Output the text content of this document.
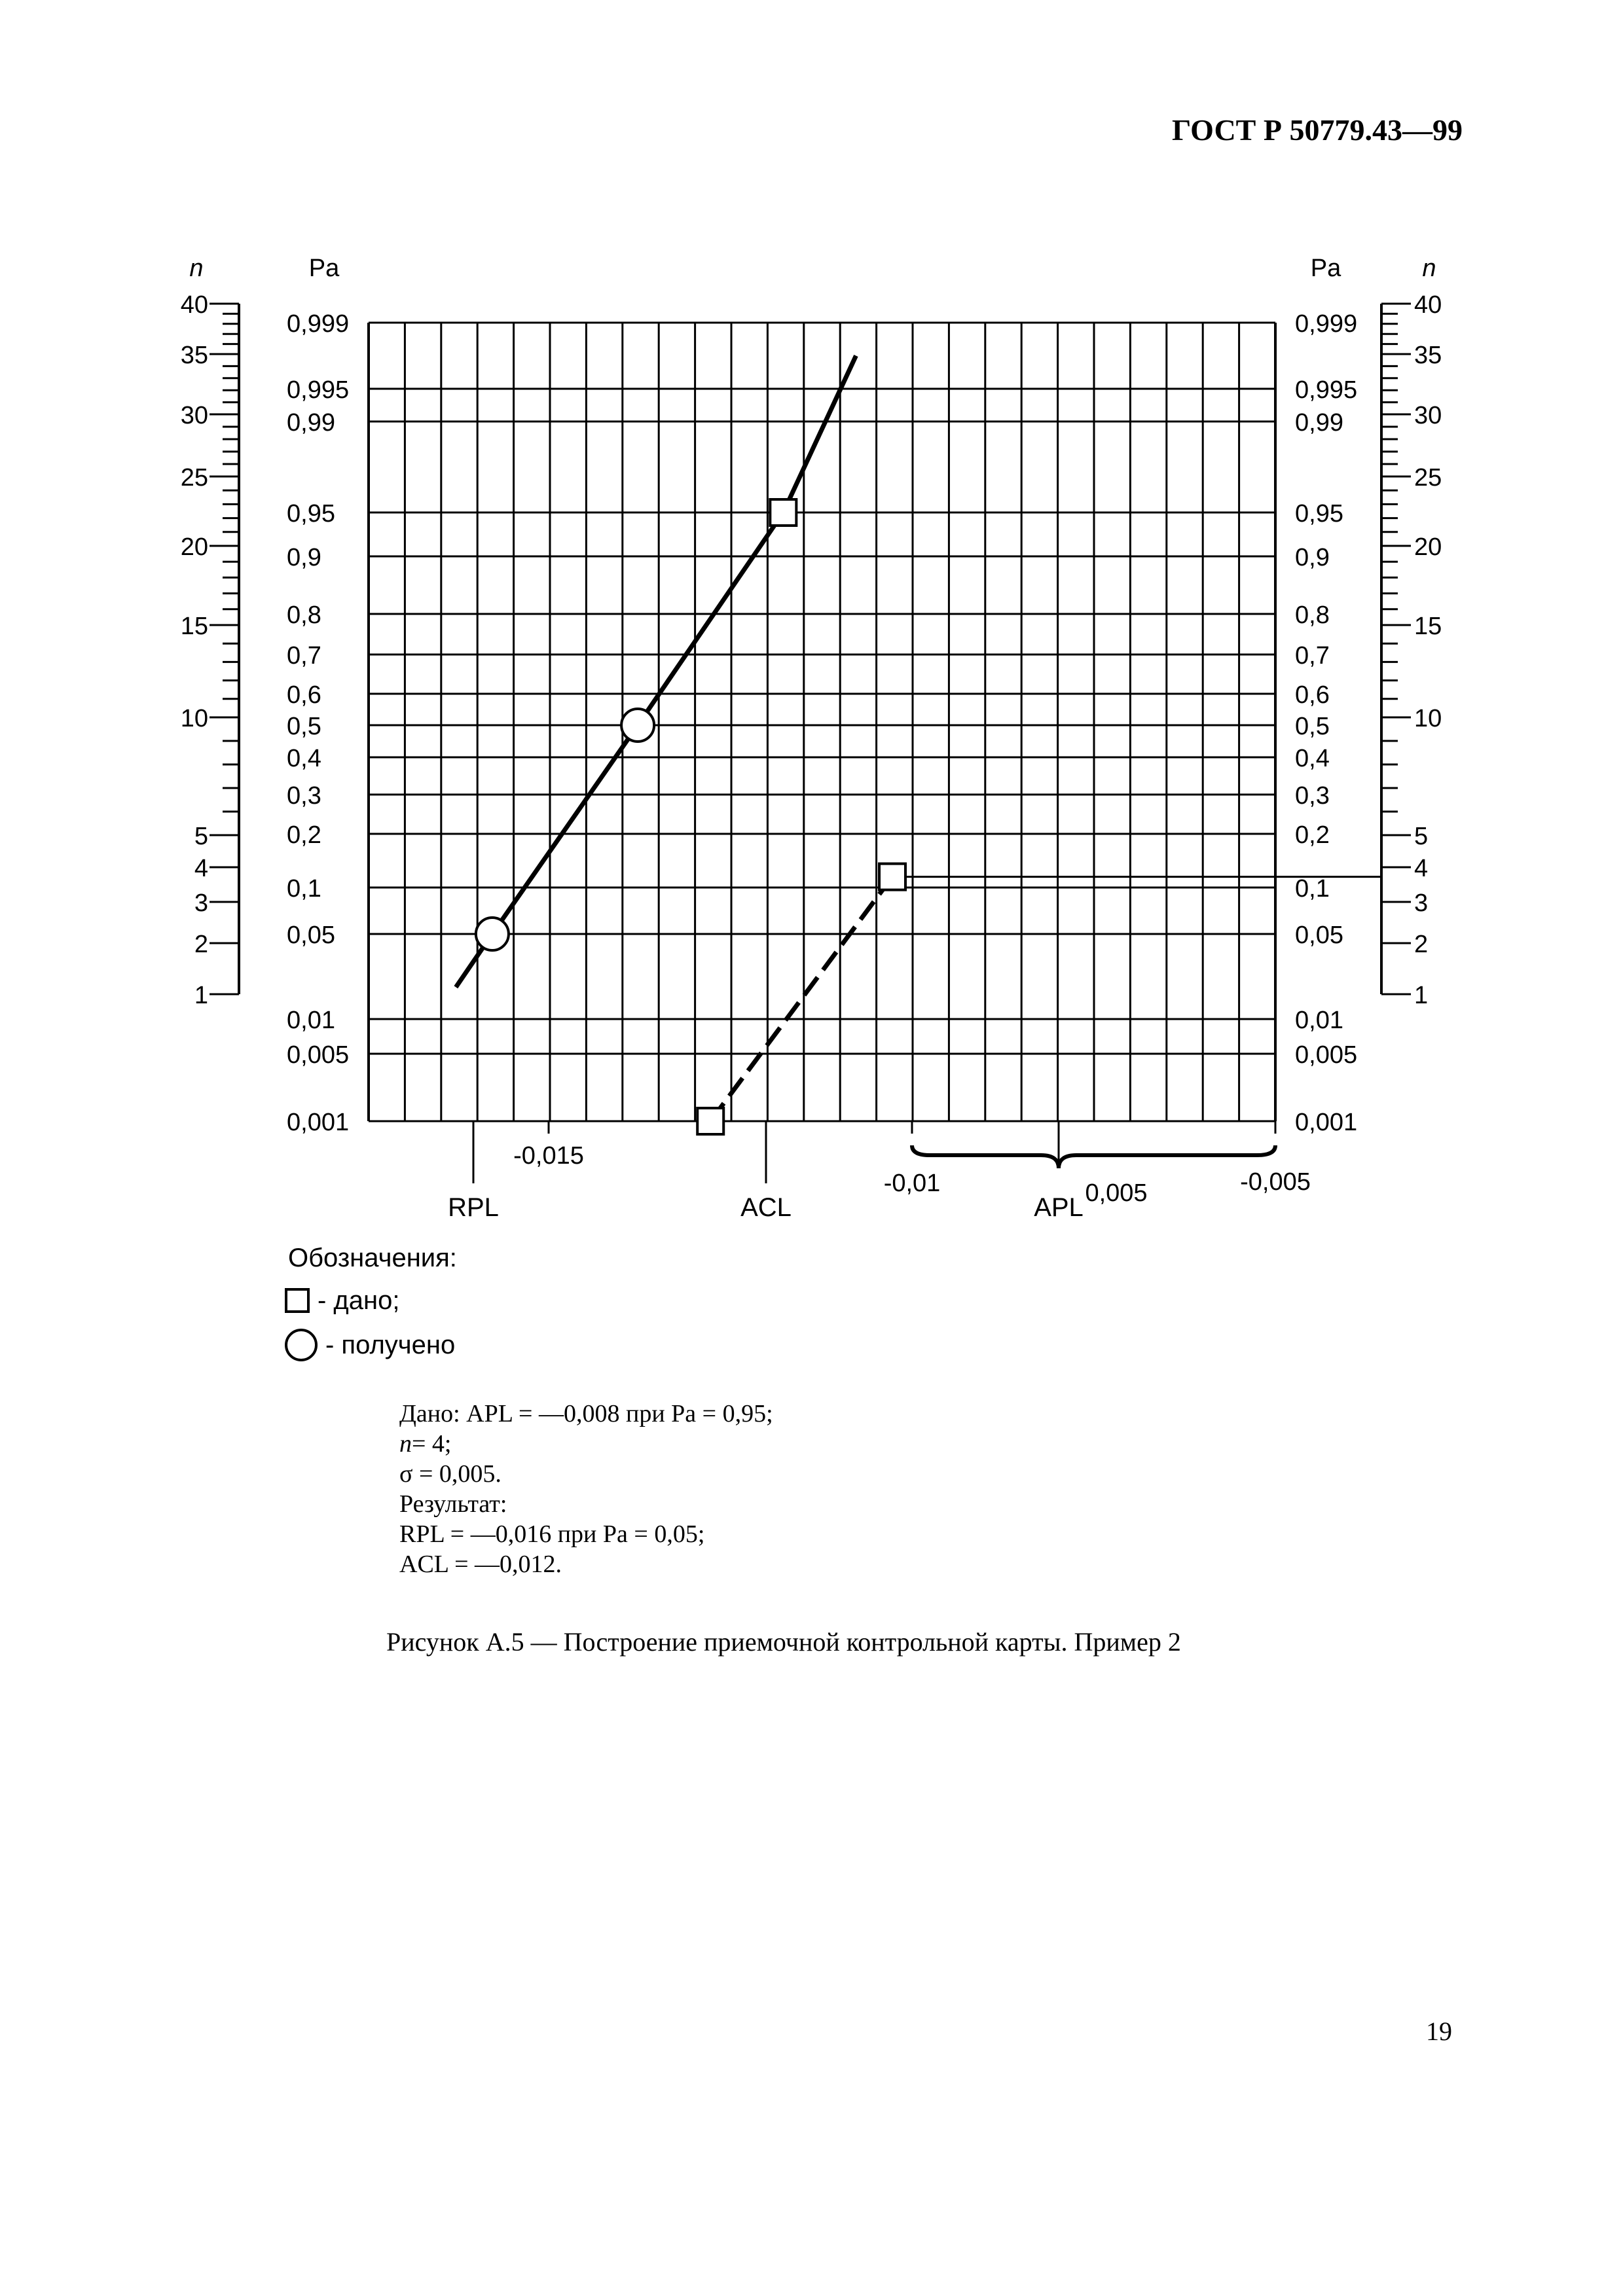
ГОСТ Р 50779.43—99
0,999	0,999
0,995	0,995
0,99	0,99
0,95	0,95
0,9	0,9
0,8	0,8
0,7	0,7
0,6	0,6
0,5	0,5
0,4	0,4
0,3	0,3
0,2	0,2
0,1	0,1
0,05	0,05
0,01	0,01
0,005	0,005
0,001	0,001
40
35
30
25
20
15
10
5
4
3
2
1
40
35
30
25
20
15
10
5
4
3
2
1
n	Pa	Pa	n
-0,015
RPL	ACL
-0,01
APL 0,005	-0,005
Обозначения:
- дано;
- получено
Дано: APL = —0,008 при Pa = 0,95;
n= 4;
σ = 0,005.
Результат:
RPL = —0,016 при Pa = 0,05;
ACL = —0,012.
Рисунок А.5 — Построение приемочной контрольной карты. Пример 2
19
